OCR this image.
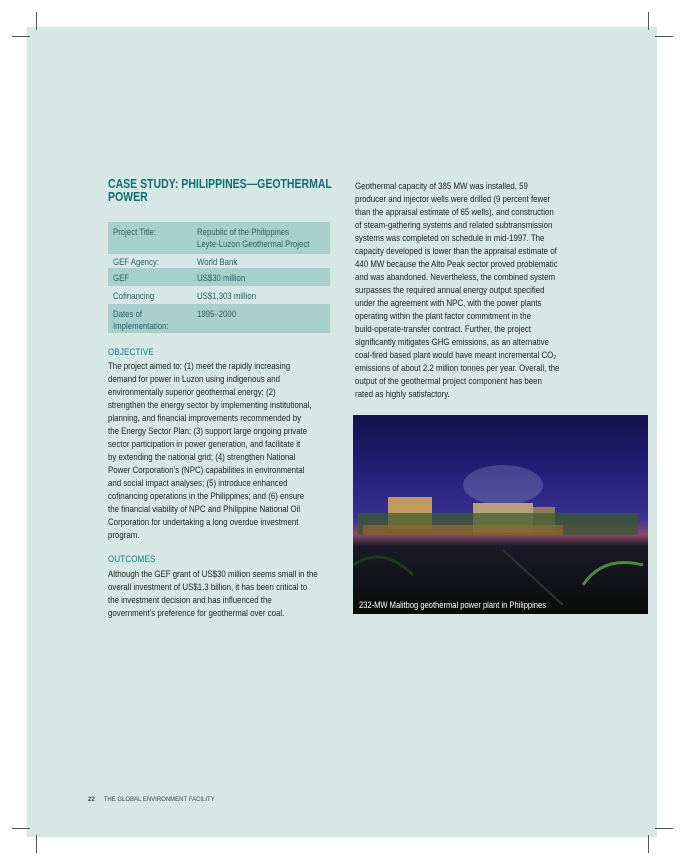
CASE STUDY: PHILIPPINES—GEOTHERMAL POWER
Project Title:	Republic of the Philippines
Leyte-Luzon Geothermal Project
GEF Agency:	World Bank
GEF	US$30 million
Cofinancing	US$1,303 million
Dates of Implementation:
1995–2000
OBJECTIVE
The project aimed to: (1) meet the rapidly increasing
demand for power in Luzon using indigenous and
environmentally superior geothermal energy; (2)
strengthen the energy sector by implementing institutional,
planning, and financial improvements recommended by
the Energy Sector Plan; (3) support large ongoing private
sector participation in power generation, and facilitate it
by extending the national grid; (4) strengthen National
Power Corporation’s (NPC) capabilities in environmental
and social impact analyses; (5) introduce enhanced
cofinancing operations in the Philippines; and (6) ensure
the financial viability of NPC and Philippine National Oil
Corporation for undertaking a long overdue investment
program.
OUTCOMES
Although the GEF grant of US$30 million seems small in the
overall investment of US$1.3 billion, it has been critical to
the investment decision and has influenced the
government’s preference for geothermal over coal.
Geothermal capacity of 385 MW was installed, 59
producer and injector wells were drilled (9 percent fewer
than the appraisal estimate of 65 wells), and construction
of steam-gathering systems and related subtransmission
systems was completed on schedule in mid-1997. The
capacity developed is lower than the appraisal estimate of
440 MW because the Alto Peak sector proved problematic
and was abandoned. Nevertheless, the combined system
surpasses the required annual energy output specified
under the agreement with NPC, with the power plants
operating within the plant factor commitment in the
build-operate-transfer contract. Further, the project
significantly mitigates GHG emissions, as an alternative
coal-fired based plant would have meant incremental CO₂
emissions of about 2.2 million tonnes per year. Overall, the
output of the geothermal project component has been
rated as highly satisfactory.
232-MW Malitbog geothermal power plant in Philippines
22 THE GLOBAL ENVIRONMENT FACILITY
